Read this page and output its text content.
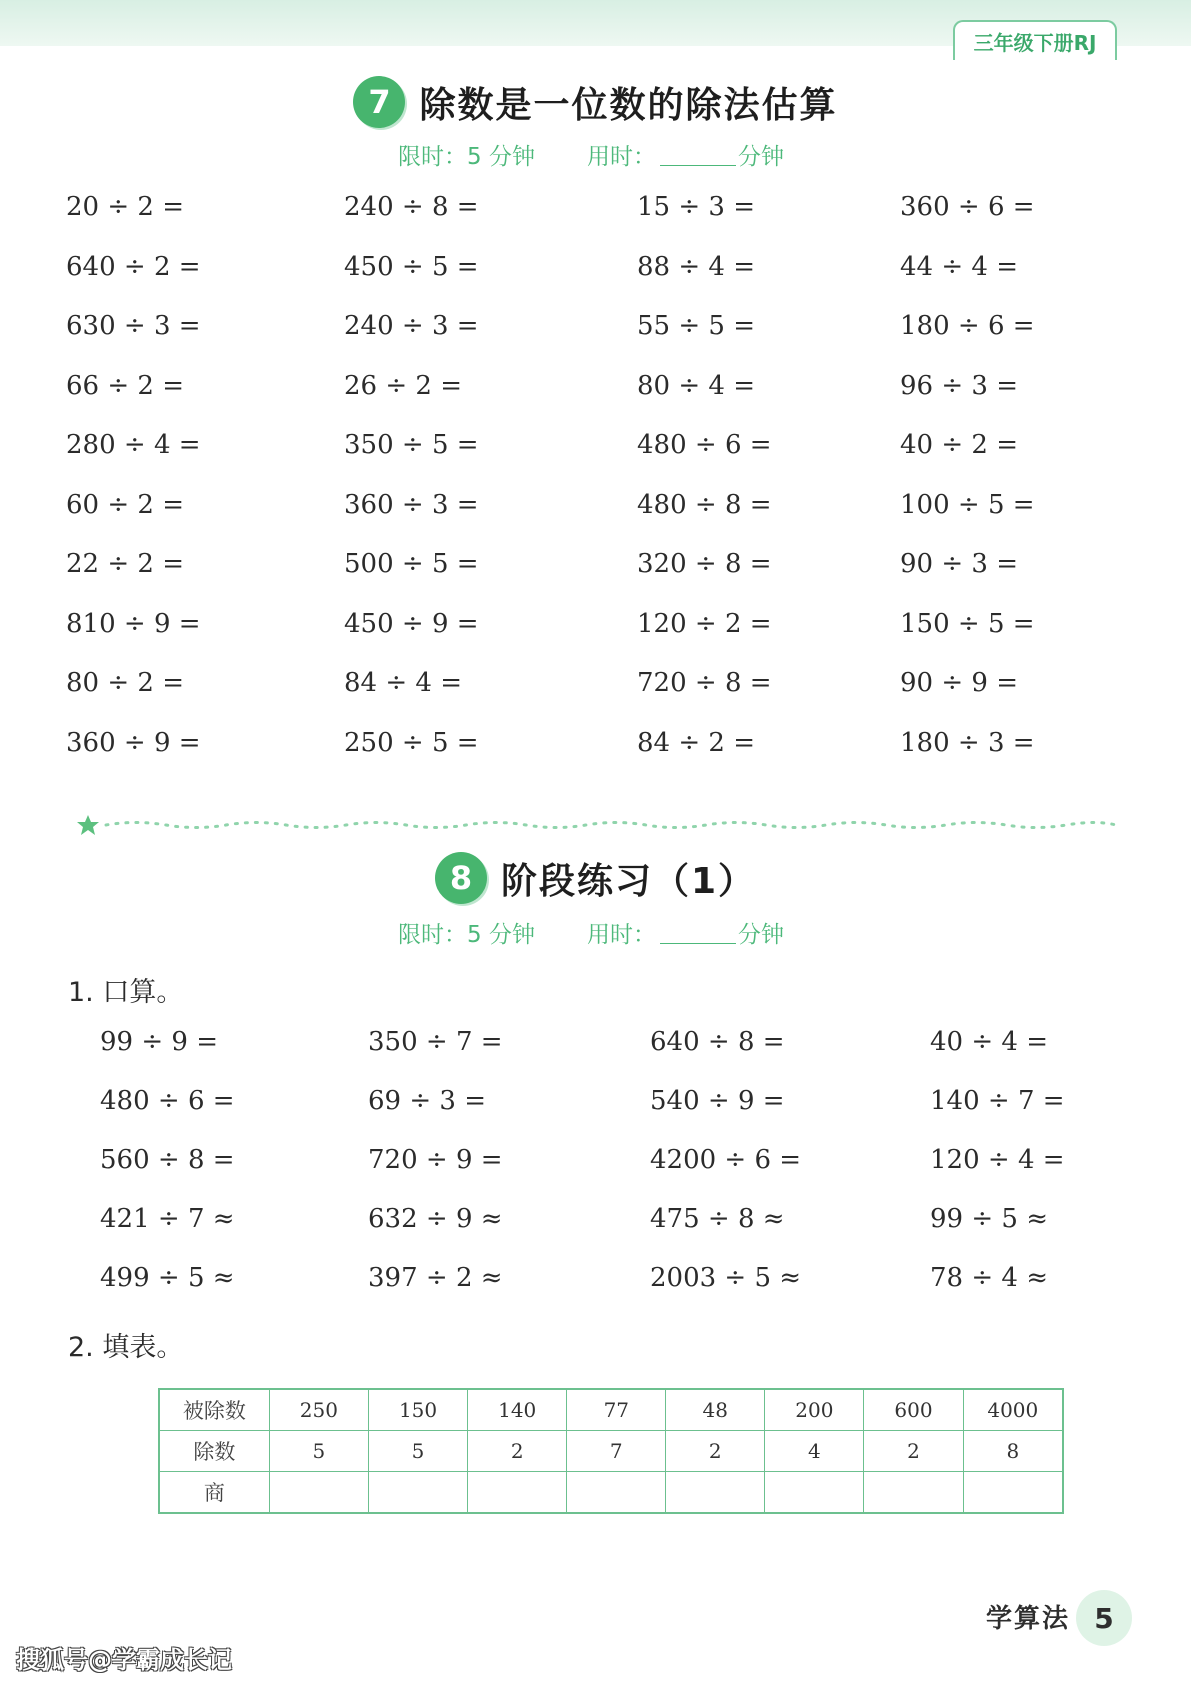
三年级下册RJ
7 除数是一位数的除法估算
限时：5 分钟 用时：	分钟
20 ÷ 2 =	240 ÷ 8 =	15 ÷ 3 =	360 ÷ 6 =
640 ÷ 2 =	450 ÷ 5 =	88 ÷ 4 =	44 ÷ 4 =
630 ÷ 3 =	240 ÷ 3 =	55 ÷ 5 =	180 ÷ 6 =
66 ÷ 2 =	26 ÷ 2 =	80 ÷ 4 =	96 ÷ 3 =
280 ÷ 4 =	350 ÷ 5 =	480 ÷ 6 =	40 ÷ 2 =
60 ÷ 2 =	360 ÷ 3 =	480 ÷ 8 =	100 ÷ 5 =
22 ÷ 2 =	500 ÷ 5 =	320 ÷ 8 =	90 ÷ 3 =
810 ÷ 9 =	450 ÷ 9 =	120 ÷ 2 =	150 ÷ 5 =
80 ÷ 2 =	84 ÷ 4 =	720 ÷ 8 =	90 ÷ 9 =
360 ÷ 9 =	250 ÷ 5 =	84 ÷ 2 =	180 ÷ 3 =
8 阶段练习（1）
限时：5 分钟 用时：	分钟
1. 口算。
99 ÷ 9 =	350 ÷ 7 =	640 ÷ 8 =	40 ÷ 4 =
480 ÷ 6 =	69 ÷ 3 =	540 ÷ 9 =	140 ÷ 7 =
560 ÷ 8 =	720 ÷ 9 =	4200 ÷ 6 =	120 ÷ 4 =
421 ÷ 7 ≈	632 ÷ 9 ≈	475 ÷ 8 ≈	99 ÷ 5 ≈
499 ÷ 5 ≈	397 ÷ 2 ≈	2003 ÷ 5 ≈	78 ÷ 4 ≈
2. 填表。
被除数	250	150	140	77	48	200	600	4000
除数	5	5	2	7	2	4	2	8
商								
学算法 5
搜狐号@学霸成长记
